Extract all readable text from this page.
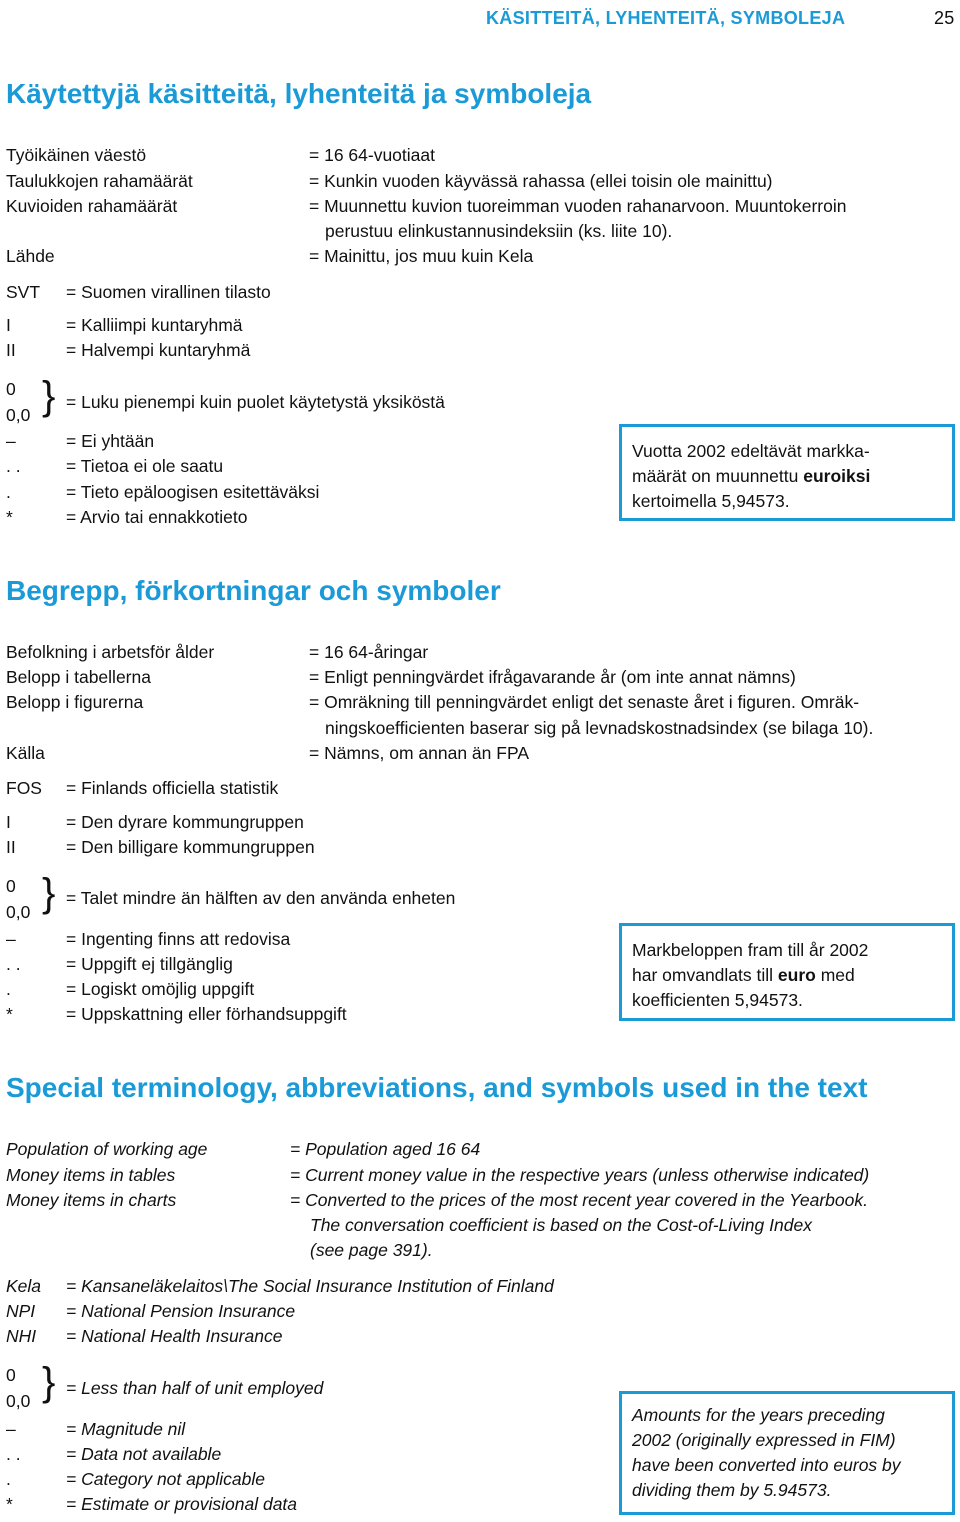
KÄSITTEITÄ, LYHENTEITÄ, SYMBOLEJA	25
Käytettyjä käsitteitä, lyhenteitä ja symboleja
Työikäinen väestö	= 16 64-vuotiaat
Taulukkojen rahamäärät	= Kunkin vuoden käyvässä rahassa (ellei toisin ole mainittu)
Kuvioiden rahamäärät	= Muunnettu kuvion tuoreimman vuoden rahanarvoon. Muuntokerroin
perustuu elinkustannusindeksiin (ks. liite 10).
Lähde	= Mainittu, jos muu kuin Kela
SVT = Suomen virallinen tilasto
I	= Kalliimpi kuntaryhmä
II	= Halvempi kuntaryhmä
0
0,0 } = Luku pienempi kuin puolet käytetystä yksiköstä
–	= Ei yhtään
. .	= Tietoa ei ole saatu
.	= Tieto epäloogisen esitettäväksi
*	= Arvio tai ennakkotieto
Vuotta 2002 edeltävät markka-
määrät on muunnettu euroiksi
kertoimella 5,94573.
Begrepp, förkortningar och symboler
Befolkning i arbetsför ålder	= 16 64-åringar
Belopp i tabellerna	= Enligt penningvärdet ifrågavarande år (om inte annat nämns)
Belopp i figurerna	= Omräkning till penningvärdet enligt det senaste året i figuren. Omräk-
ningskoefficienten baserar sig på levnadskostnadsindex (se bilaga 10).
Källa	= Nämns, om annan än FPA
FOS = Finlands officiella statistik
I	= Den dyrare kommungruppen
II	= Den billigare kommungruppen
0
0,0 } = Talet mindre än hälften av den använda enheten
–	= Ingenting finns att redovisa
. .	= Uppgift ej tillgänglig
.	= Logiskt omöjlig uppgift
*	= Uppskattning eller förhandsuppgift
Markbeloppen fram till år 2002
har omvandlats till euro med
koefficienten 5,94573.
Special terminology, abbreviations, and symbols used in the text
Population of working age	= Population aged 16 64
Money items in tables	= Current money value in the respective years (unless otherwise indicated)
Money items in charts	= Converted to the prices of the most recent year covered in the Yearbook.
The conversation coefficient is based on the Cost-of-Living Index
(see page 391).
Kela = Kansaneläkelaitos\The Social Insurance Institution of Finland
NPI = National Pension Insurance
NHI = National Health Insurance
0
0,0 } = Less than half of unit employed
–	= Magnitude nil
. .	= Data not available
.	= Category not applicable
*	= Estimate or provisional data
Amounts for the years preceding
2002 (originally expressed in FIM)
have been converted into euros by
dividing them by 5.94573.
